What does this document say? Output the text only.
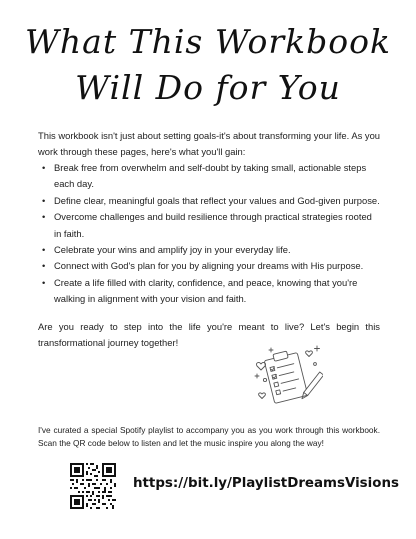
What This Workbook
Will Do for You

This workbook isn't just about setting goals-it's about transforming your life. As you work through these pages, here's what you'll gain:

• Break free from overwhelm and self-doubt by taking small, actionable steps each day.
• Define clear, meaningful goals that reflect your values and God-given purpose.
• Overcome challenges and build resilience through practical strategies rooted in faith.
• Celebrate your wins and amplify joy in your everyday life.
• Connect with God's plan for you by aligning your dreams with His purpose.
• Create a life filled with clarity, confidence, and peace, knowing that you're walking in alignment with your vision and faith.

Are you ready to step into the life you're meant to live? Let's begin this transformational journey together!

I've curated a special Spotify playlist to accompany you as you work through this workbook. Scan the QR code below to listen and let the music inspire you along the way!

https://bit.ly/PlaylistDreamsVisions
